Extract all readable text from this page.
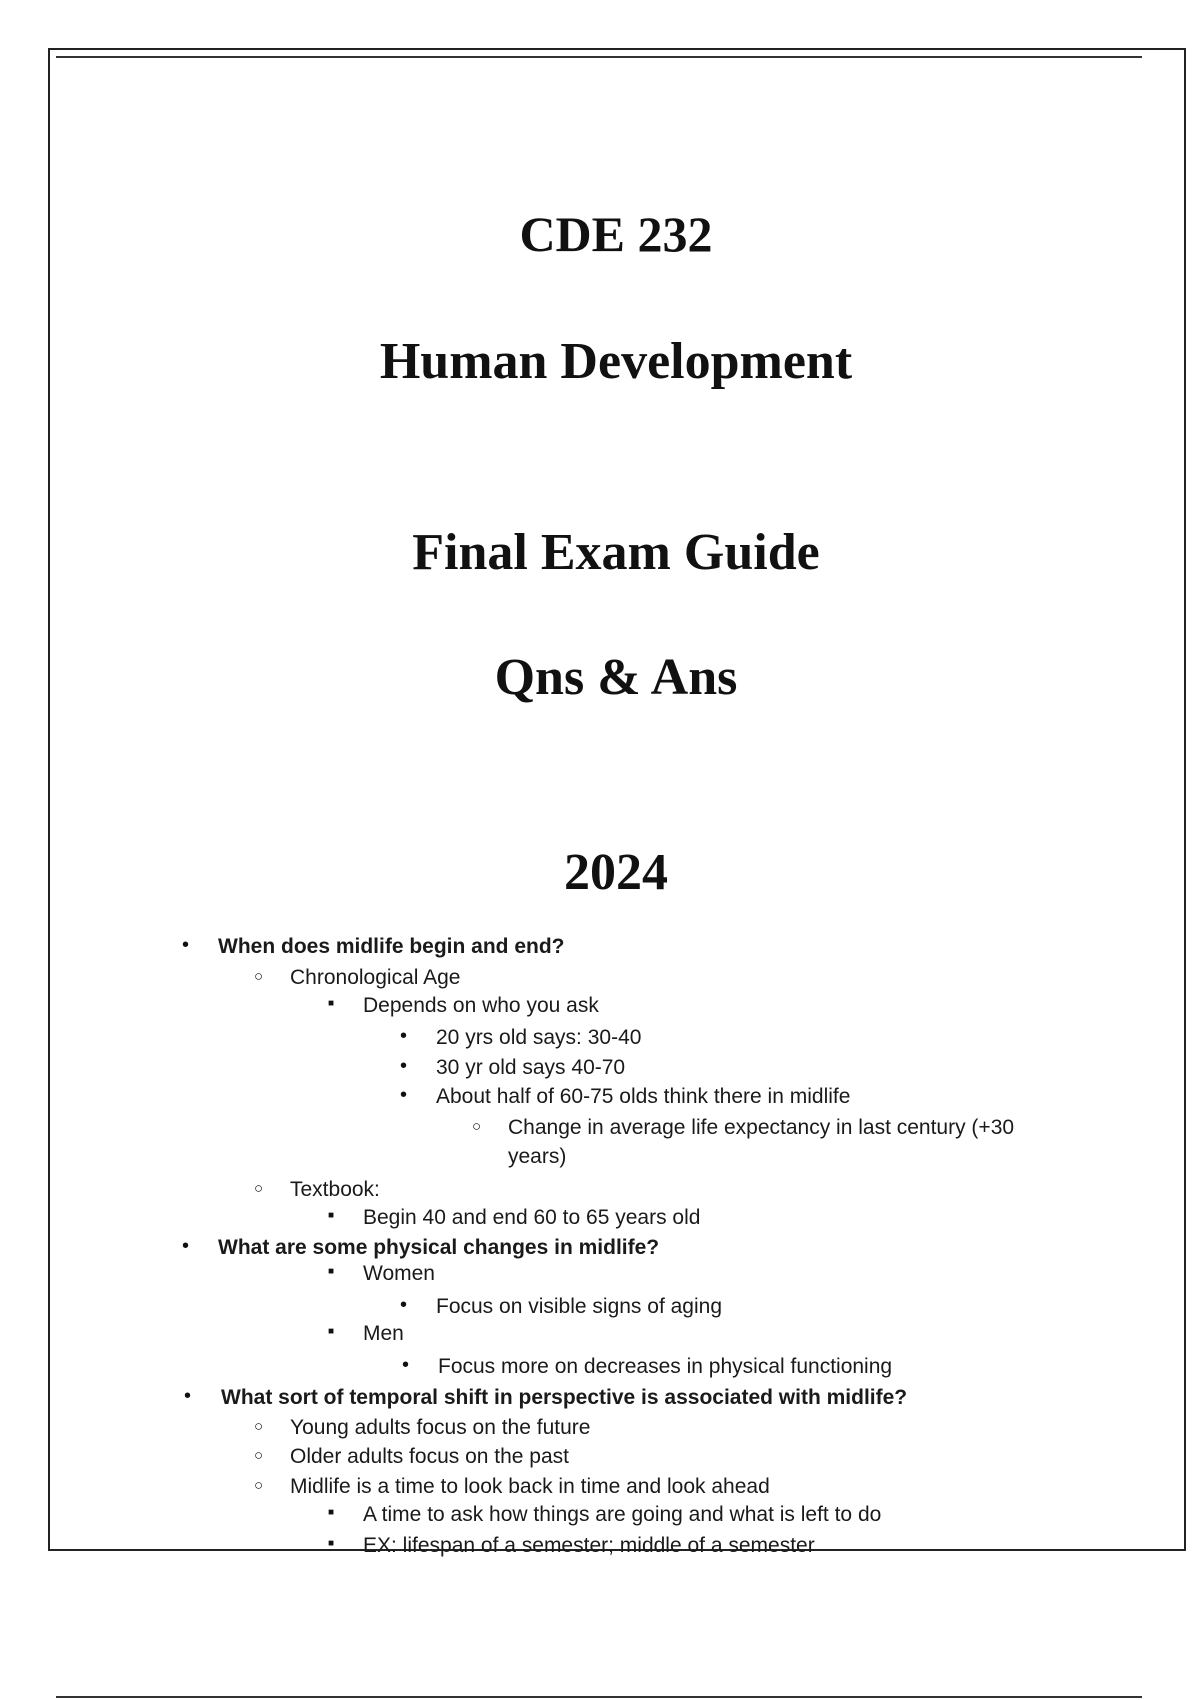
CDE 232
Human Development
Final Exam Guide
Qns & Ans
2024
• When does midlife begin and end?
○ Chronological Age
■ Depends on who you ask
• 20 yrs old says: 30-40
• 30 yr old says 40-70
• About half of 60-75 olds think there in midlife
○ Change in average life expectancy in last century (+30
years)
○ Textbook:
■ Begin 40 and end 60 to 65 years old
• What are some physical changes in midlife?
■ Women
• Focus on visible signs of aging
■ Men
• Focus more on decreases in physical functioning
• What sort of temporal shift in perspective is associated with midlife?
○ Young adults focus on the future
○ Older adults focus on the past
○ Midlife is a time to look back in time and look ahead
■ A time to ask how things are going and what is left to do
■ EX: lifespan of a semester; middle of a semester
